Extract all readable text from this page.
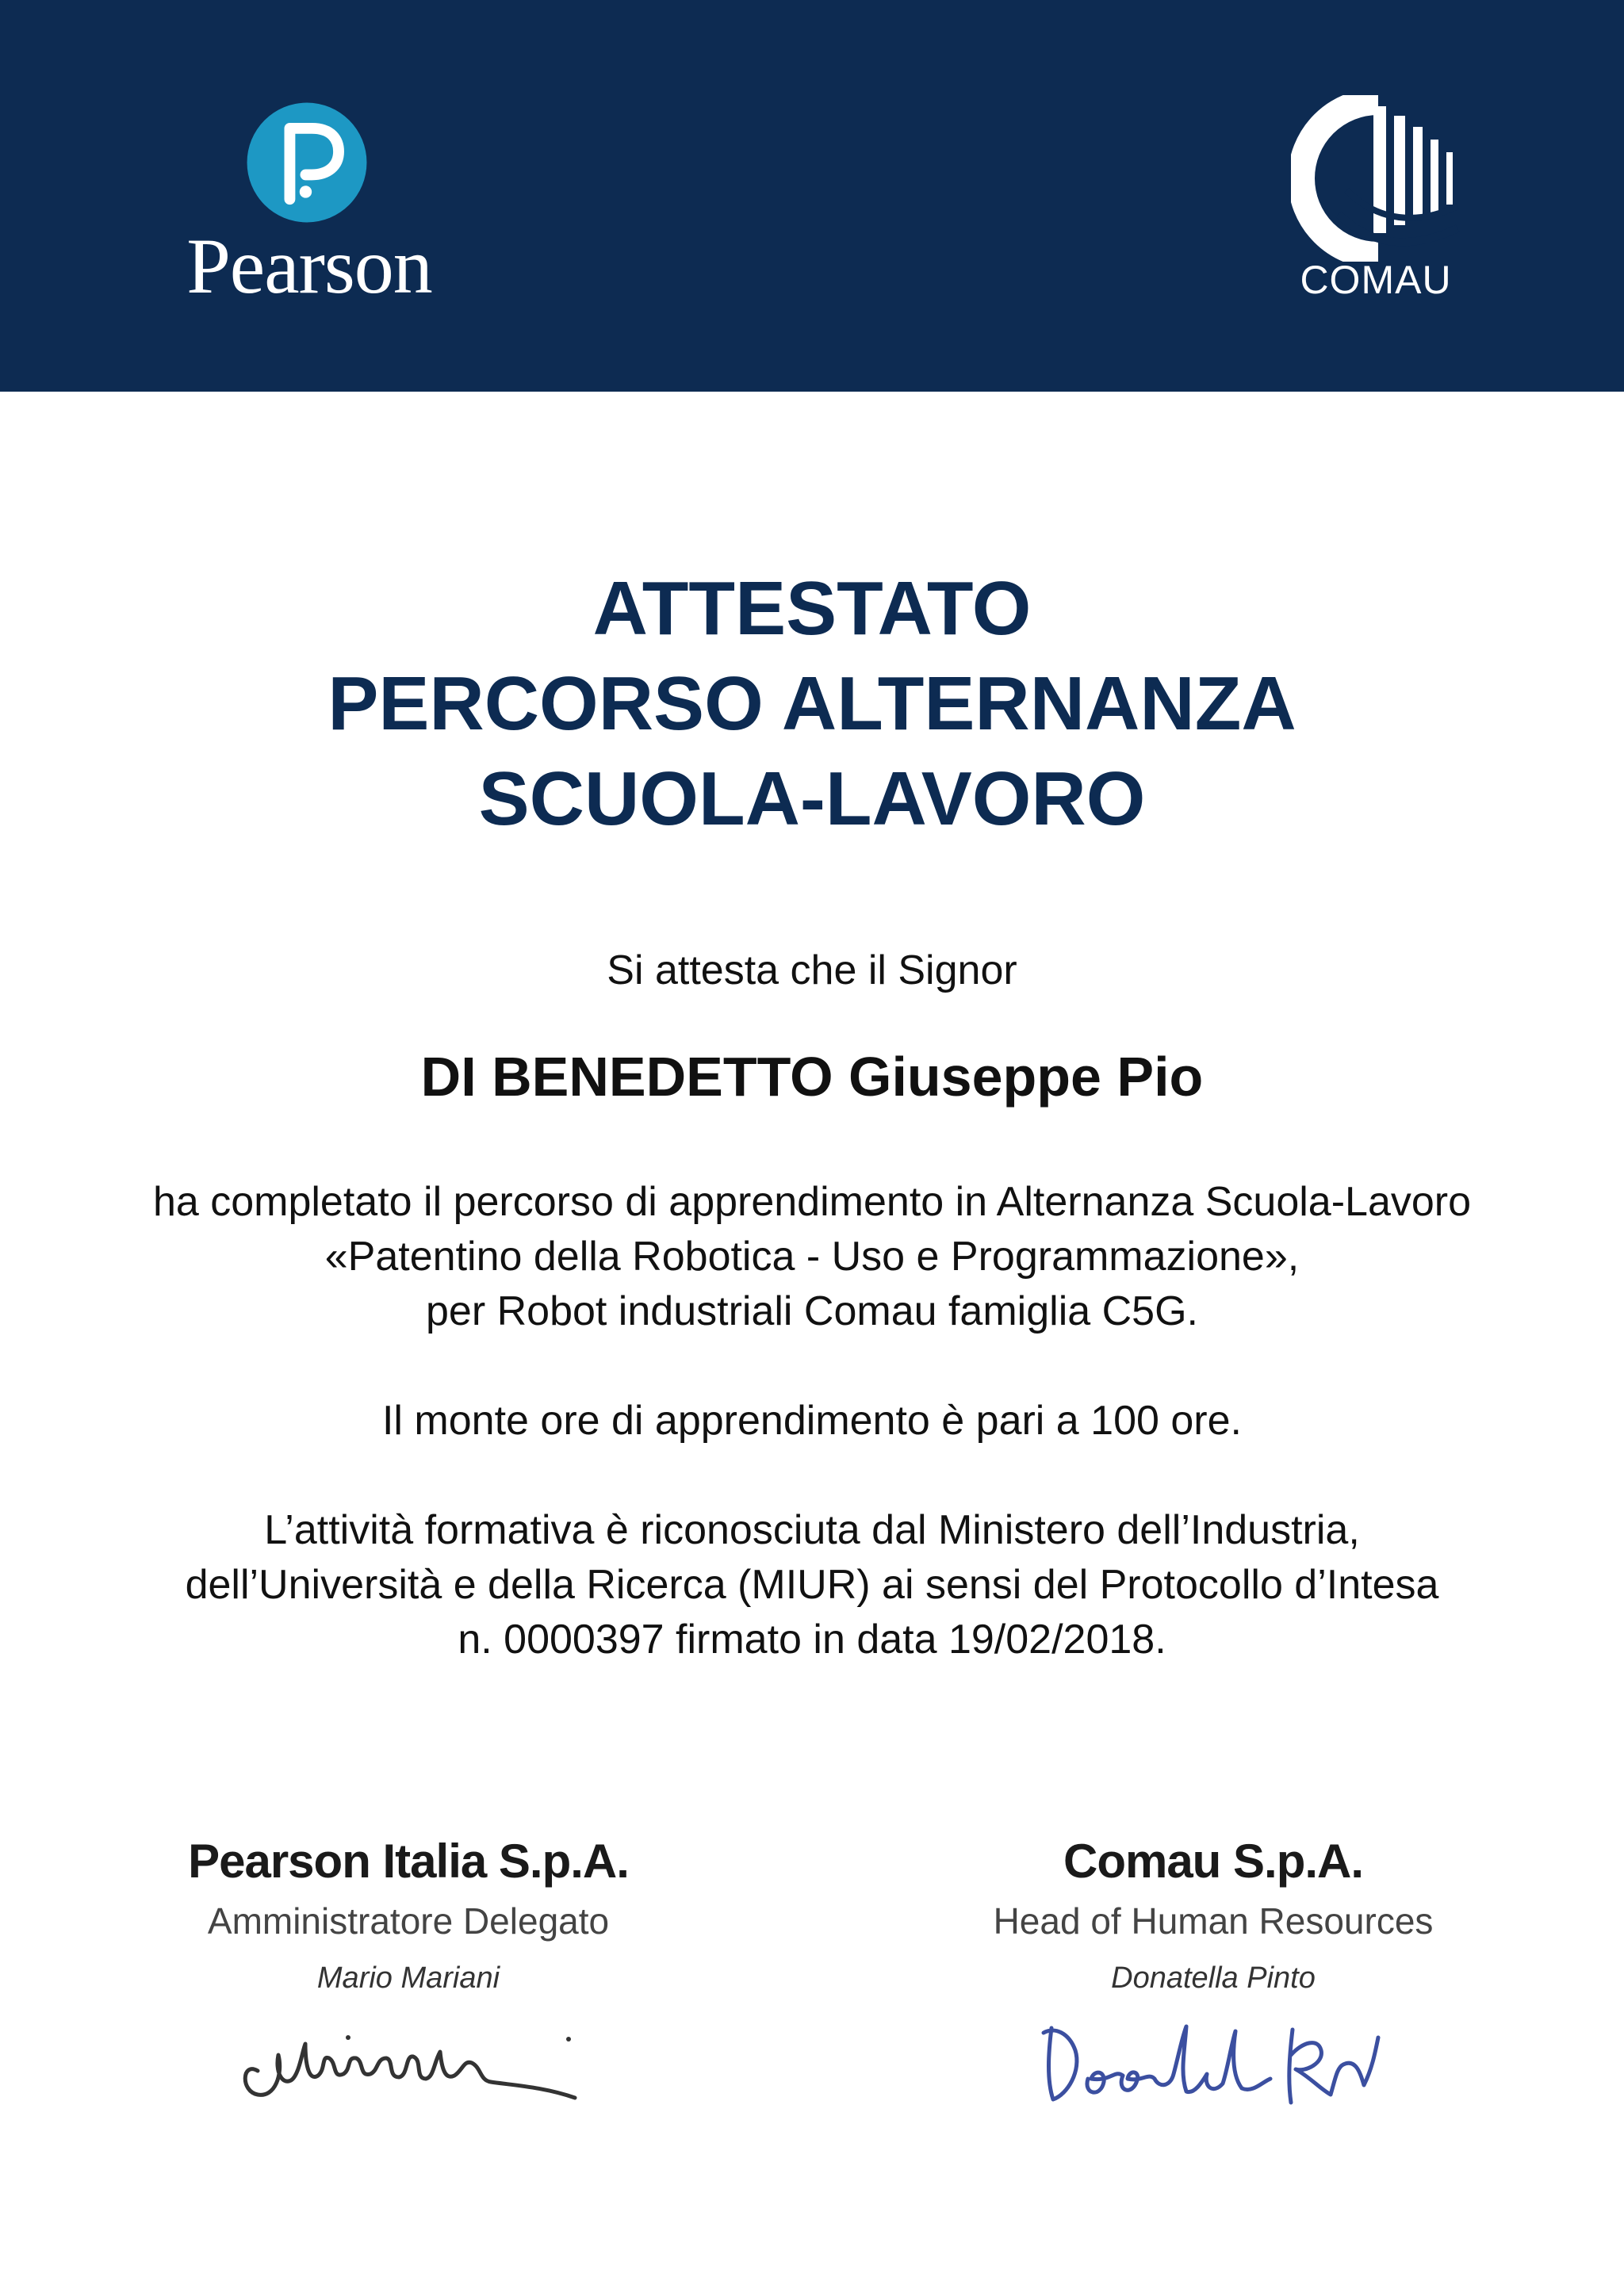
Pearson	COMAU
ATTESTATO
PERCORSO ALTERNANZA
SCUOLA-LAVORO
Si attesta che il Signor
DI BENEDETTO Giuseppe Pio
ha completato il percorso di apprendimento in Alternanza Scuola-Lavoro
«Patentino della Robotica - Uso e Programmazione»,
per Robot industriali Comau famiglia C5G.
Il monte ore di apprendimento è pari a 100 ore.
L’attività formativa è riconosciuta dal Ministero dell’Industria,
dell’Università e della Ricerca (MIUR) ai sensi del Protocollo d’Intesa
n. 0000397 firmato in data 19/02/2018.
Pearson Italia S.p.A.
Amministratore Delegato
Mario Mariani
Comau S.p.A.
Head of Human Resources
Donatella Pinto
